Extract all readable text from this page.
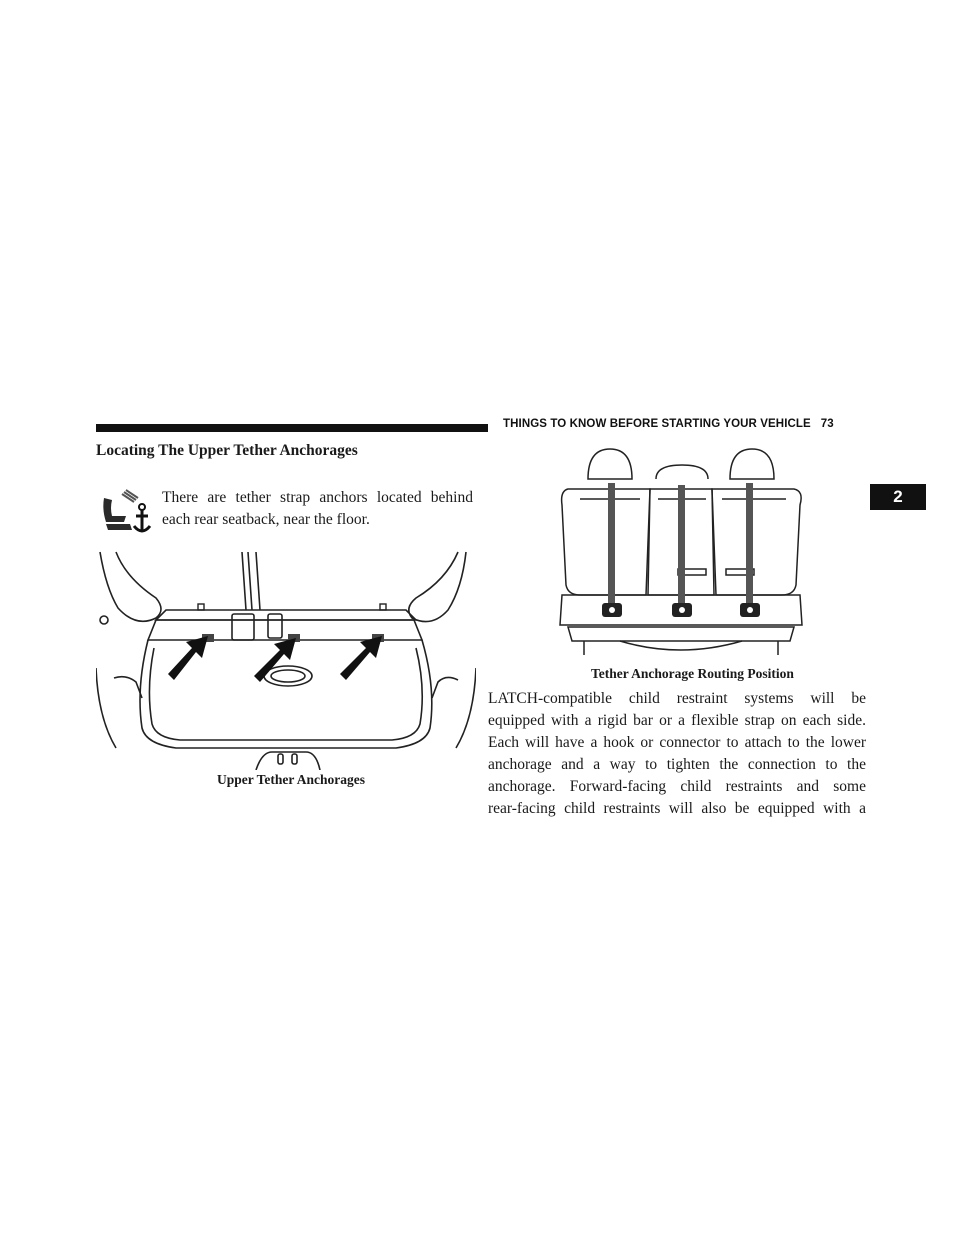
THINGS TO KNOW BEFORE STARTING YOUR VEHICLE 73
2
Locating The Upper Tether Anchorages
There are tether strap anchors located behind each rear seatback, near the floor.
Upper Tether Anchorages
Tether Anchorage Routing Position
LATCH-compatible child restraint systems will be
equipped with a rigid bar or a flexible strap on each side.
Each will have a hook or connector to attach to the lower
anchorage and a way to tighten the connection to the
anchorage. Forward-facing child restraints and some
rear-facing child restraints will also be equipped with a
